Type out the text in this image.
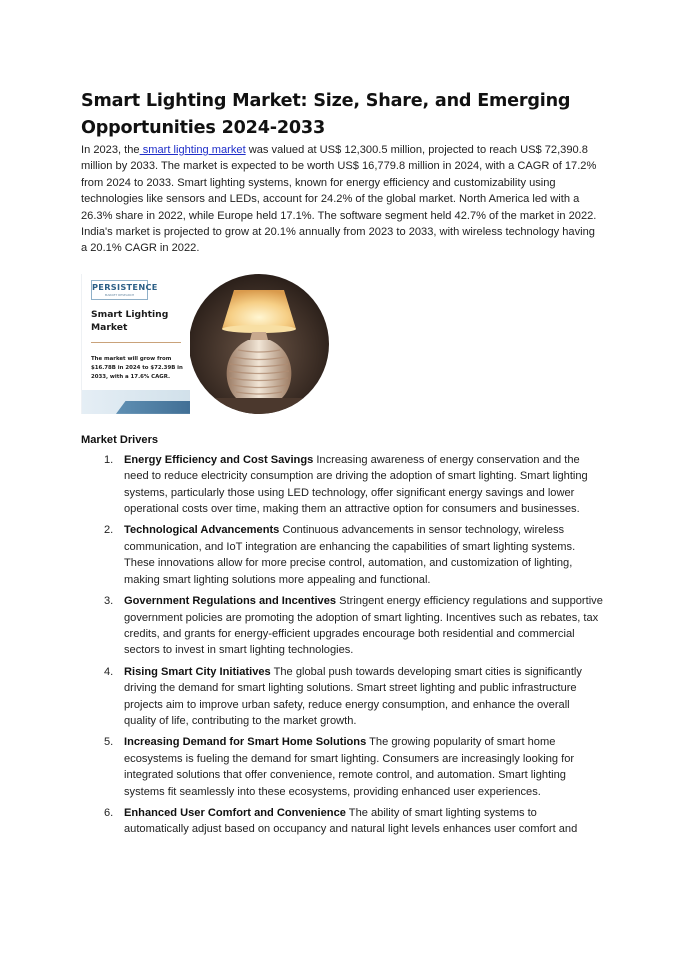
Smart Lighting Market: Size, Share, and Emerging Opportunities 2024-2033

In 2023, the smart lighting market was valued at US$ 12,300.5 million, projected to reach US$ 72,390.8 million by 2033. The market is expected to be worth US$ 16,779.8 million in 2024, with a CAGR of 17.2% from 2024 to 2033. Smart lighting systems, known for energy efficiency and customizability using technologies like sensors and LEDs, account for 24.2% of the global market. North America led with a 26.3% share in 2022, while Europe held 17.1%. The software segment held 42.7% of the market in 2022. India's market is projected to grow at 20.1% annually from 2023 to 2033, with wireless technology having a 20.1% CAGR in 2022.

PERSISTENCE
MARKET RESEARCH

Smart Lighting Market

The market will grow from $16.78B in 2024 to $72.39B in 2033, with a 17.6% CAGR.

Market Drivers
1. Energy Efficiency and Cost Savings Increasing awareness of energy conservation and the need to reduce electricity consumption are driving the adoption of smart lighting. Smart lighting systems, particularly those using LED technology, offer significant energy savings and lower operational costs over time, making them an attractive option for consumers and businesses.
2. Technological Advancements Continuous advancements in sensor technology, wireless communication, and IoT integration are enhancing the capabilities of smart lighting systems. These innovations allow for more precise control, automation, and customization of lighting, making smart lighting solutions more appealing and functional.
3. Government Regulations and Incentives Stringent energy efficiency regulations and supportive government policies are promoting the adoption of smart lighting. Incentives such as rebates, tax credits, and grants for energy-efficient upgrades encourage both residential and commercial sectors to invest in smart lighting technologies.
4. Rising Smart City Initiatives The global push towards developing smart cities is significantly driving the demand for smart lighting solutions. Smart street lighting and public infrastructure projects aim to improve urban safety, reduce energy consumption, and enhance the overall quality of life, contributing to the market growth.
5. Increasing Demand for Smart Home Solutions The growing popularity of smart home ecosystems is fueling the demand for smart lighting. Consumers are increasingly looking for integrated solutions that offer convenience, remote control, and automation. Smart lighting systems fit seamlessly into these ecosystems, providing enhanced user experiences.
6. Enhanced User Comfort and Convenience The ability of smart lighting systems to automatically adjust based on occupancy and natural light levels enhances user comfort and
